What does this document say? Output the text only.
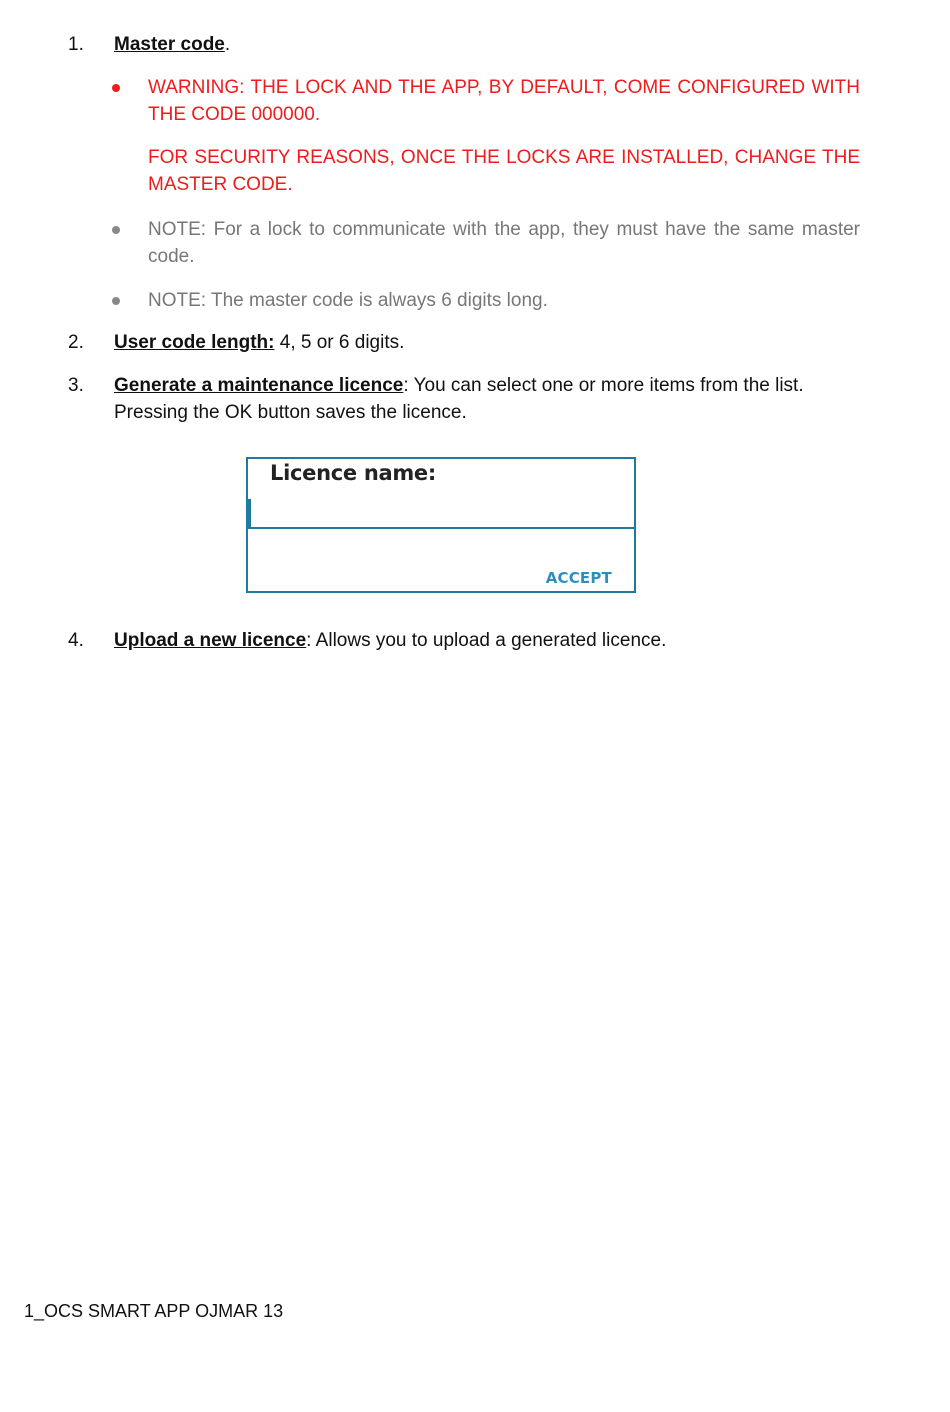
1.	Master code.
WARNING: THE LOCK AND THE APP, BY DEFAULT, COME CONFIGURED WITH THE CODE 000000.
FOR SECURITY REASONS, ONCE THE LOCKS ARE INSTALLED, CHANGE THE MASTER CODE.
NOTE: For a lock to communicate with the app, they must have the same master code.
NOTE: The master code is always 6 digits long.
2.	User code length: 4, 5 or 6 digits.
3.	Generate a maintenance licence: You can select one or more items from the list. Pressing the OK button saves the licence.
Licence name:
ACCEPT
4.	Upload a new licence: Allows you to upload a generated licence.
1_OCS SMART APP OJMAR 13
